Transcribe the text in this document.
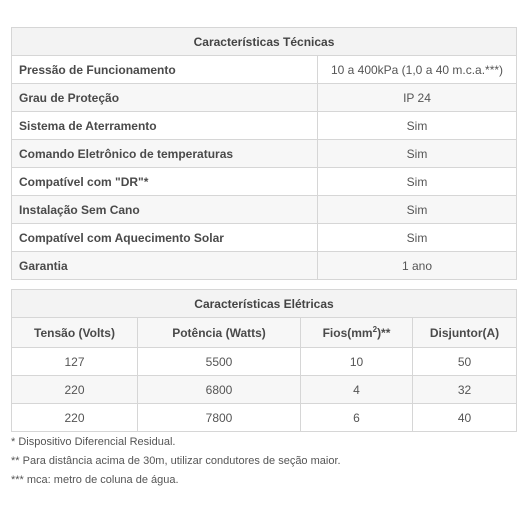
Características Técnicas	
Pressão de Funcionamento	10 a 400kPa (1,0 a 40 m.c.a.***)
Grau de Proteção	IP 24
Sistema de Aterramento	Sim
Comando Eletrônico de temperaturas	Sim
Compatível com "DR"*	Sim
Instalação Sem Cano	Sim
Compatível com Aquecimento Solar	Sim
Garantia	1 ano
Características Elétricas			
Tensão (Volts)	Potência (Watts)	$Fios(mm^2)**$	Disjuntor(A)
127	5500	10	50
220	6800	4	32
220	7800	6	40
* Dispositivo Diferencial Residual.
** Para distância acima de 30m, utilizar condutores de seção maior.
*** mca: metro de coluna de água.
